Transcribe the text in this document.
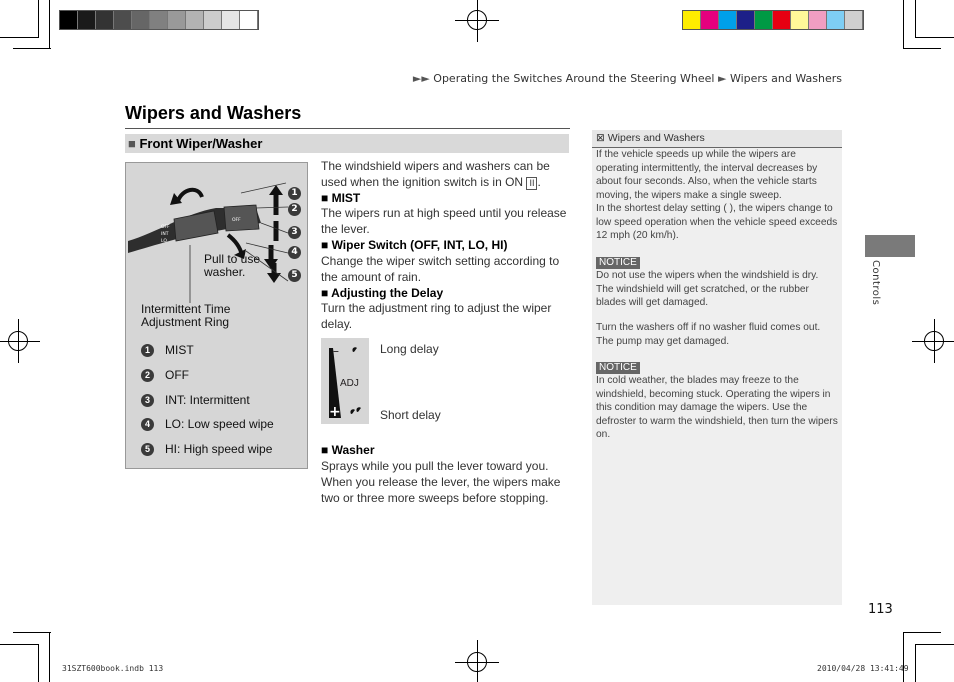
►► Operating the Switches Around the Steering Wheel ► Wipers and Washers
Wipers and Washers
■ Front Wiper/Washer
OFF
INT
LO
OFF
1
2
3
4
5
Pull to use washer.
Intermittent Time Adjustment Ring
1	MIST
2	OFF
3	INT: Intermittent
4	LO: Low speed wipe
5	HI: High speed wipe
The windshield wipers and washers can be used when the ignition switch is in ON II .
■ MIST
The wipers run at high speed until you release the lever.
■ Wiper Switch (OFF, INT, LO, HI)
Change the wiper switch setting according to the amount of rain.
■ Adjusting the Delay
Turn the adjustment ring to adjust the wiper delay.
–
ADJ
+
Long delay
Short delay
■ Washer
Sprays while you pull the lever toward you. When you release the lever, the wipers make two or three more sweeps before stopping.
⊠ Wipers and Washers
If the vehicle speeds up while the wipers are operating intermittently, the interval decreases by about four seconds. Also, when the vehicle starts moving, the wipers make a single sweep.
In the shortest delay setting ( ), the wipers change to low speed operation when the vehicle speed exceeds 12 mph (20 km/h).
NOTICE
Do not use the wipers when the windshield is dry. The windshield will get scratched, or the rubber blades will get damaged.
Turn the washers off if no washer fluid comes out. The pump may get damaged.
NOTICE
In cold weather, the blades may freeze to the windshield, becoming stuck. Operating the wipers in this condition may damage the wipers. Use the defroster to warm the windshield, then turn the wipers on.
Controls
113
31SZT600book.indb 113	2010/04/28 13:41:49
